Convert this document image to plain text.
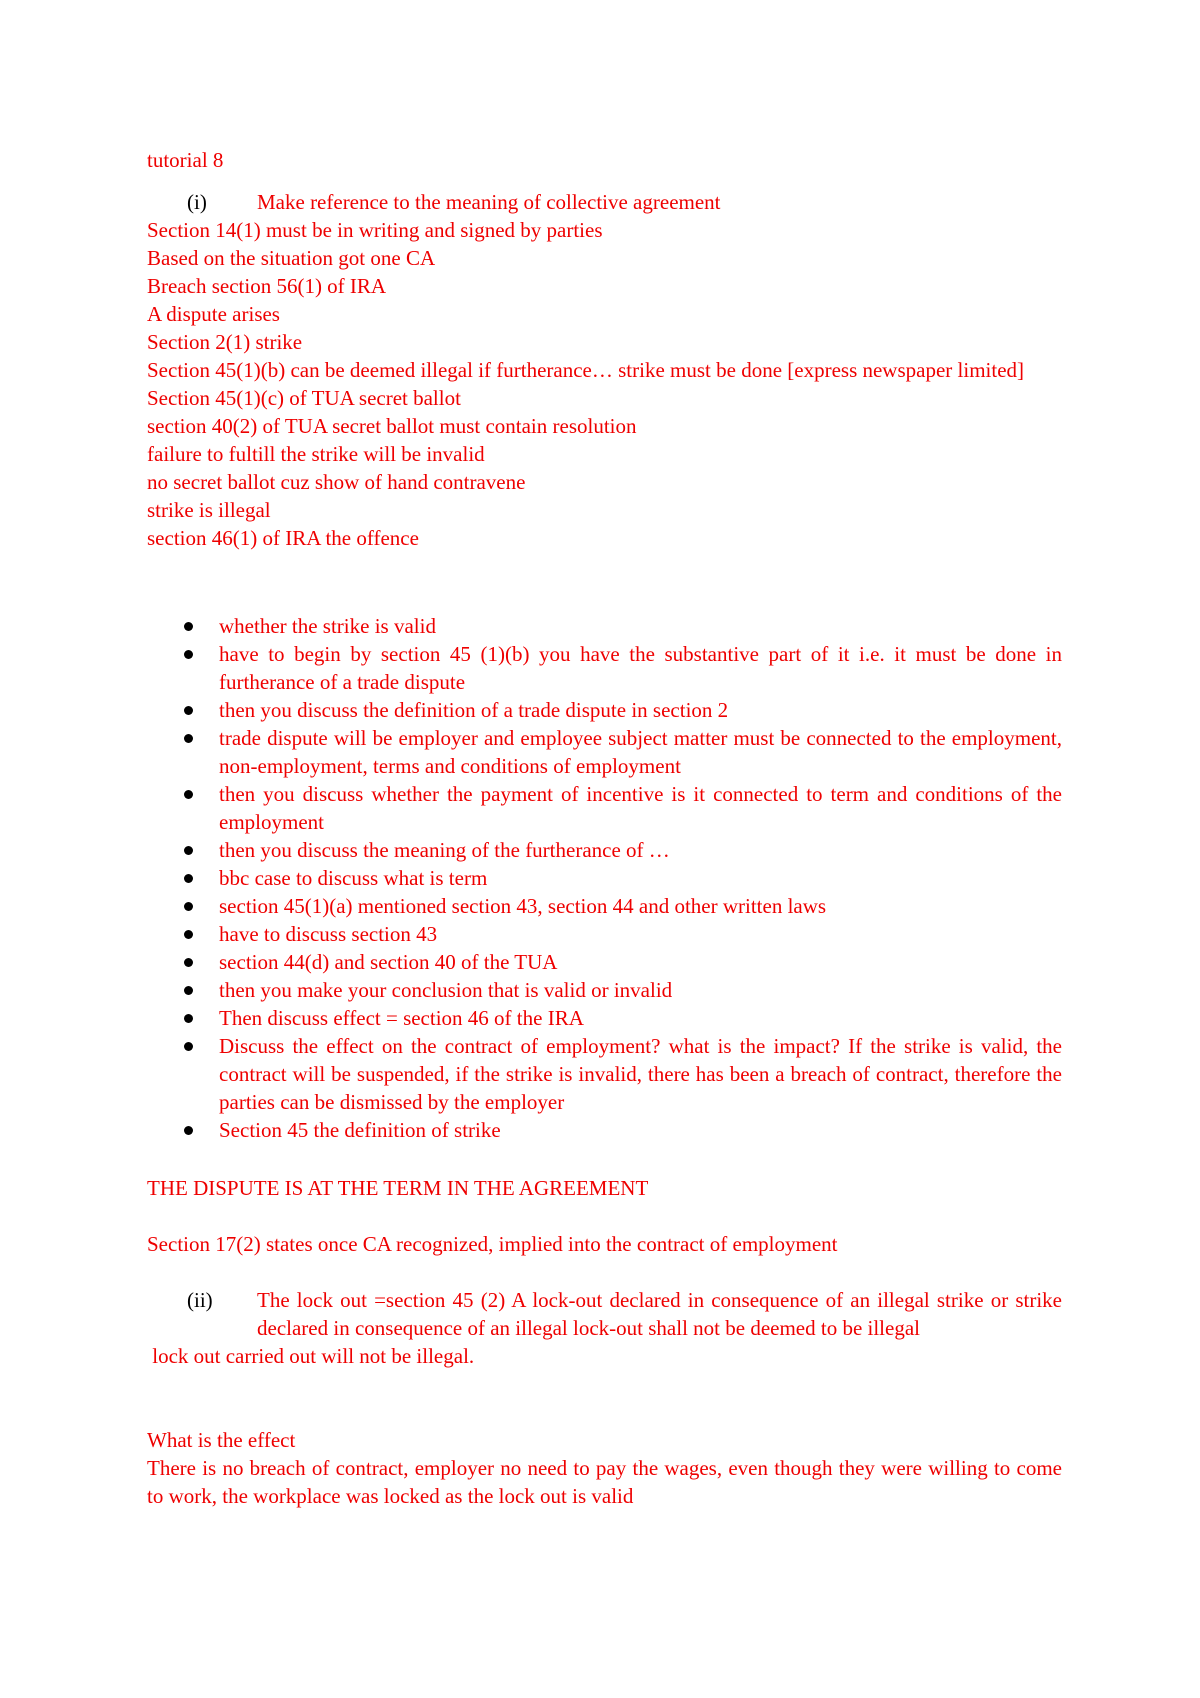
tutorial 8

(i)	Make reference to the meaning of collective agreement

Section 14(1) must be in writing and signed by parties

Based on the situation got one CA

Breach section 56(1) of IRA

A dispute arises

Section 2(1) strike

Section 45(1)(b) can be deemed illegal if furtherance… strike must be done [express newspaper limited]

Section 45(1)(c) of TUA secret ballot

section 40(2) of TUA secret ballot must contain resolution

failure to fultill the strike will be invalid

no secret ballot cuz show of hand contravene

strike is illegal

section 46(1) of IRA the offence

whether the strike is valid
have to begin by section 45 (1)(b) you have the substantive part of it i.e. it must be done in furtherance of a trade dispute
then you discuss the definition of a trade dispute in section 2
trade dispute will be employer and employee subject matter must be connected to the employment, non-employment, terms and conditions of employment
then you discuss whether the payment of incentive is it connected to term and conditions of the employment
then you discuss the meaning of the furtherance of …
bbc case to discuss what is term
section 45(1)(a) mentioned section 43, section 44 and other written laws
have to discuss section 43
section 44(d) and section 40 of the TUA
then you make your conclusion that is valid or invalid
Then discuss effect = section 46 of the IRA
Discuss the effect on the contract of employment? what is the impact? If the strike is valid, the contract will be suspended, if the strike is invalid, there has been a breach of contract, therefore the parties can be dismissed by the employer
Section 45 the definition of strike

THE DISPUTE IS AT THE TERM IN THE AGREEMENT

Section 17(2) states once CA recognized, implied into the contract of employment

(ii)	The lock out =section 45 (2) A lock-out declared in consequence of an illegal strike or strike declared in consequence of an illegal lock-out shall not be deemed to be illegal

lock out carried out will not be illegal.

What is the effect

There is no breach of contract, employer no need to pay the wages, even though they were willing to come to work, the workplace was locked as the lock out is valid
